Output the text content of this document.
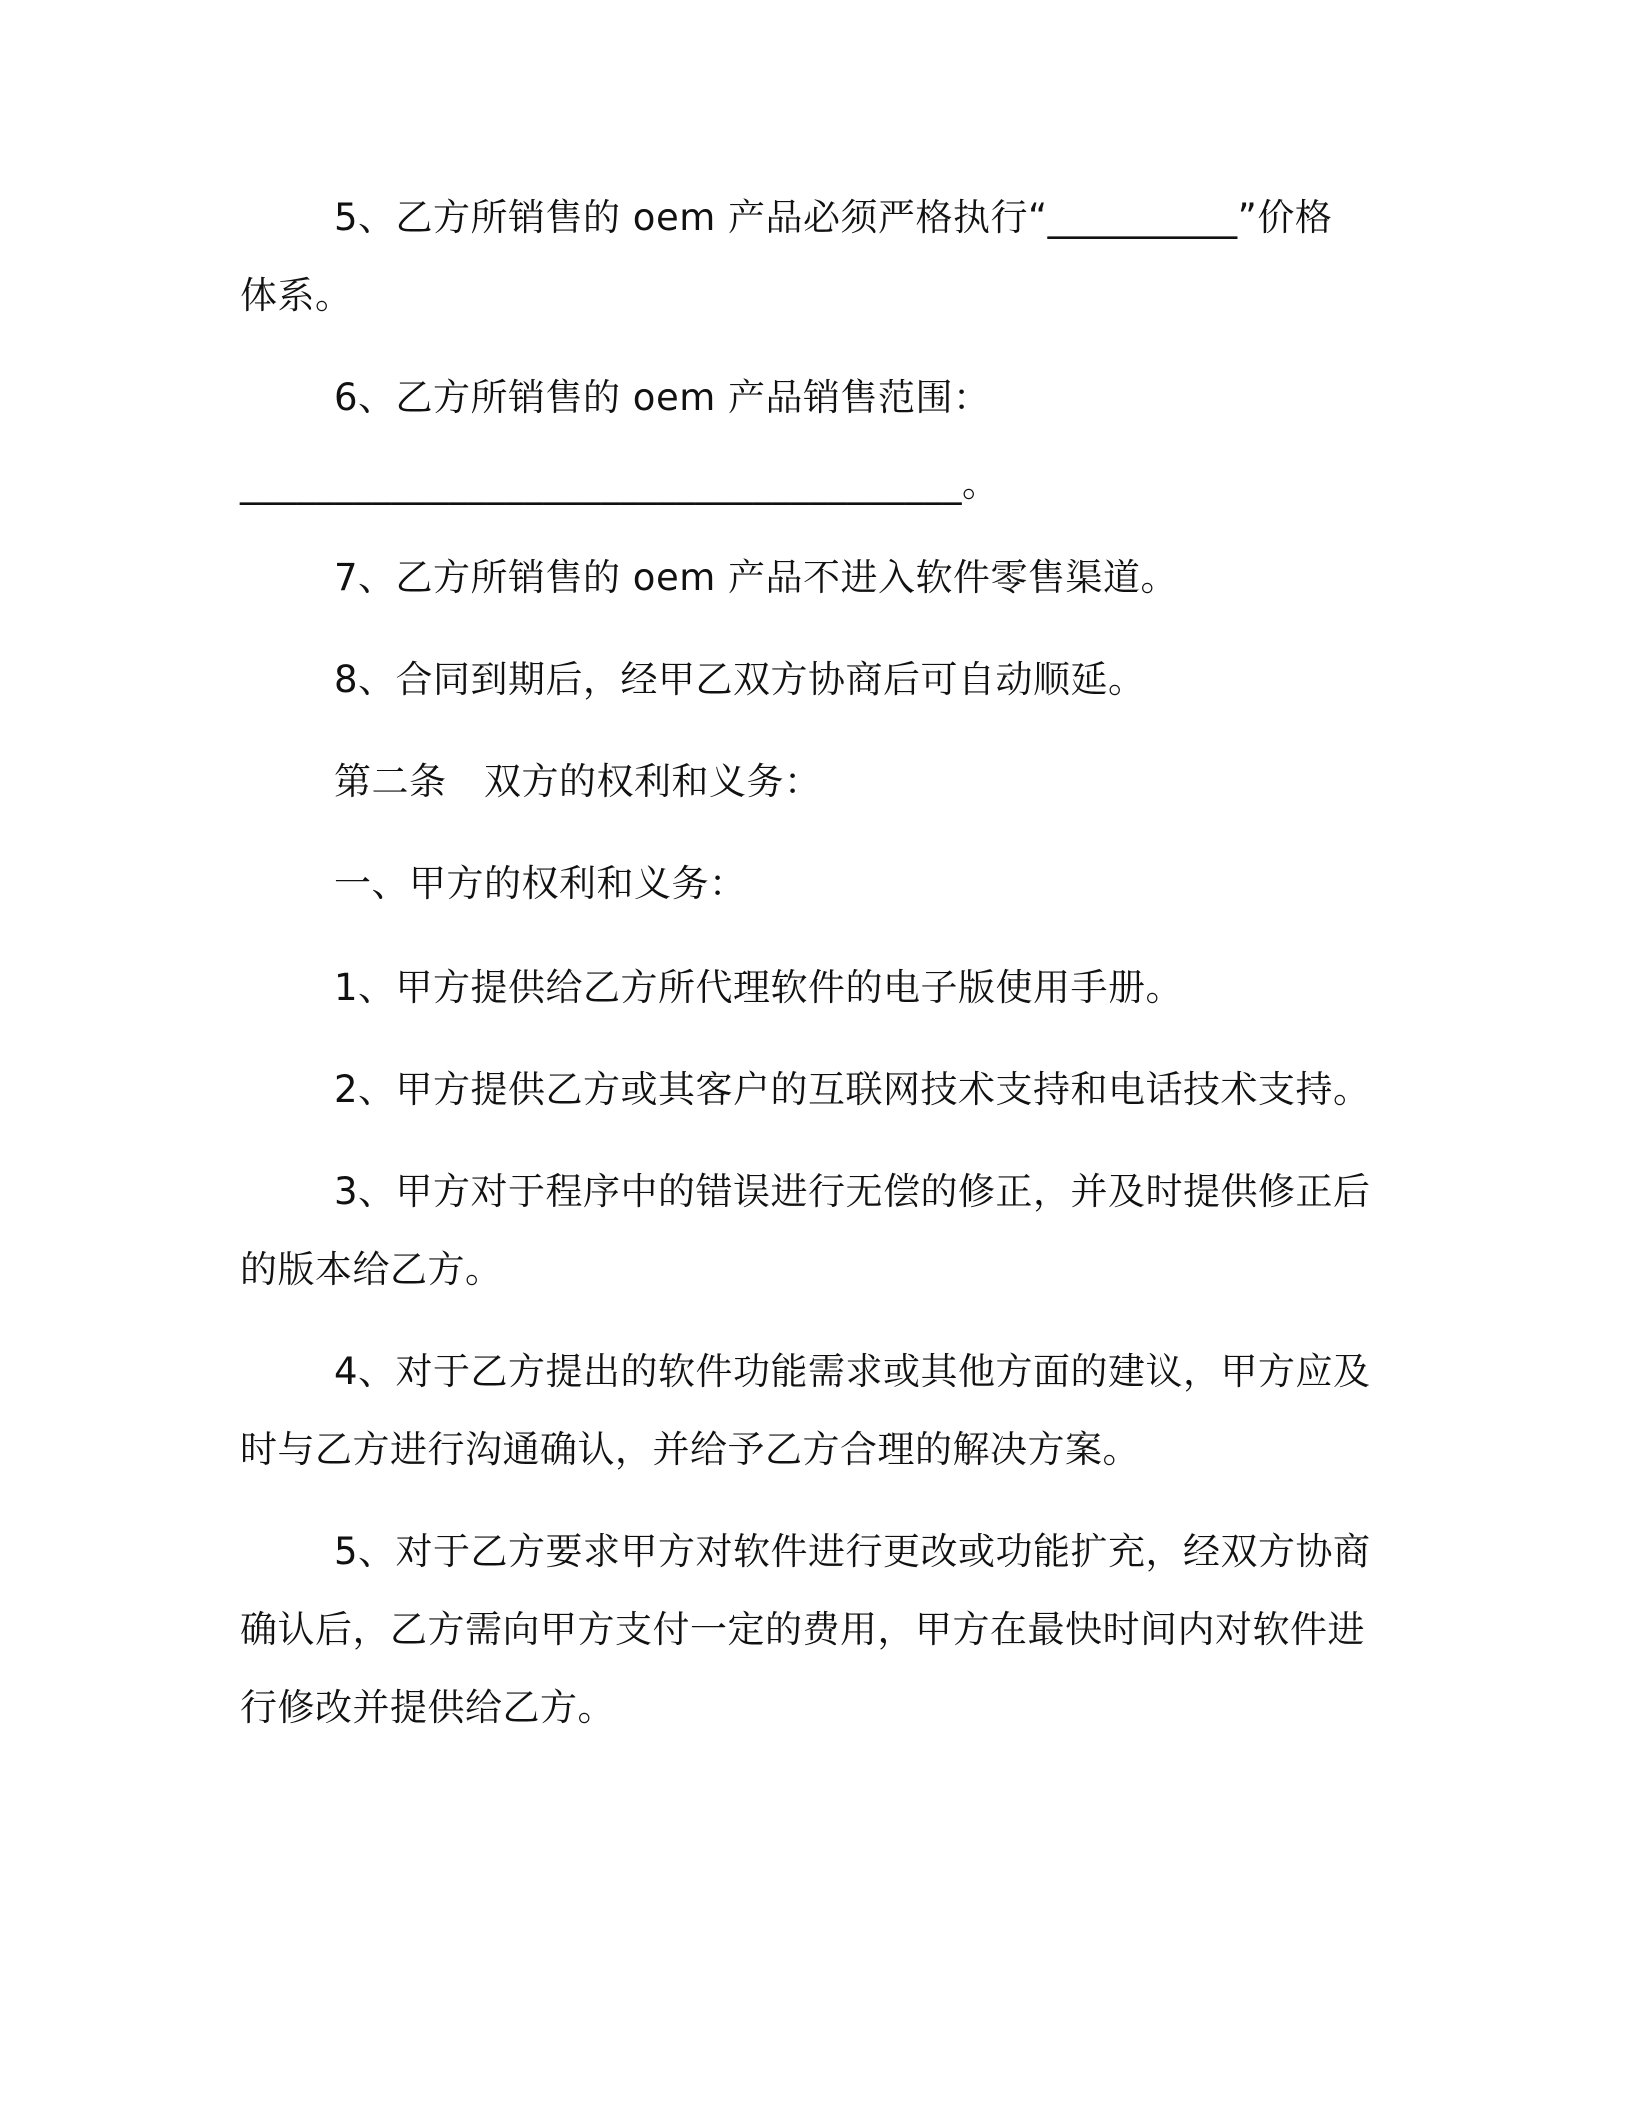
5、乙方所销售的 oem 产品必须严格执行“__________”价格
体系。
6、乙方所销售的 oem 产品销售范围：
______________________________________。
7、乙方所销售的 oem 产品不进入软件零售渠道。
8、合同到期后，经甲乙双方协商后可自动顺延。
第二条　双方的权利和义务：
一、甲方的权利和义务：
1、甲方提供给乙方所代理软件的电子版使用手册。
2、甲方提供乙方或其客户的互联网技术支持和电话技术支持。
3、甲方对于程序中的错误进行无偿的修正，并及时提供修正后
的版本给乙方。
4、对于乙方提出的软件功能需求或其他方面的建议，甲方应及
时与乙方进行沟通确认，并给予乙方合理的解决方案。
5、对于乙方要求甲方对软件进行更改或功能扩充，经双方协商
确认后，乙方需向甲方支付一定的费用，甲方在最快时间内对软件进
行修改并提供给乙方。
